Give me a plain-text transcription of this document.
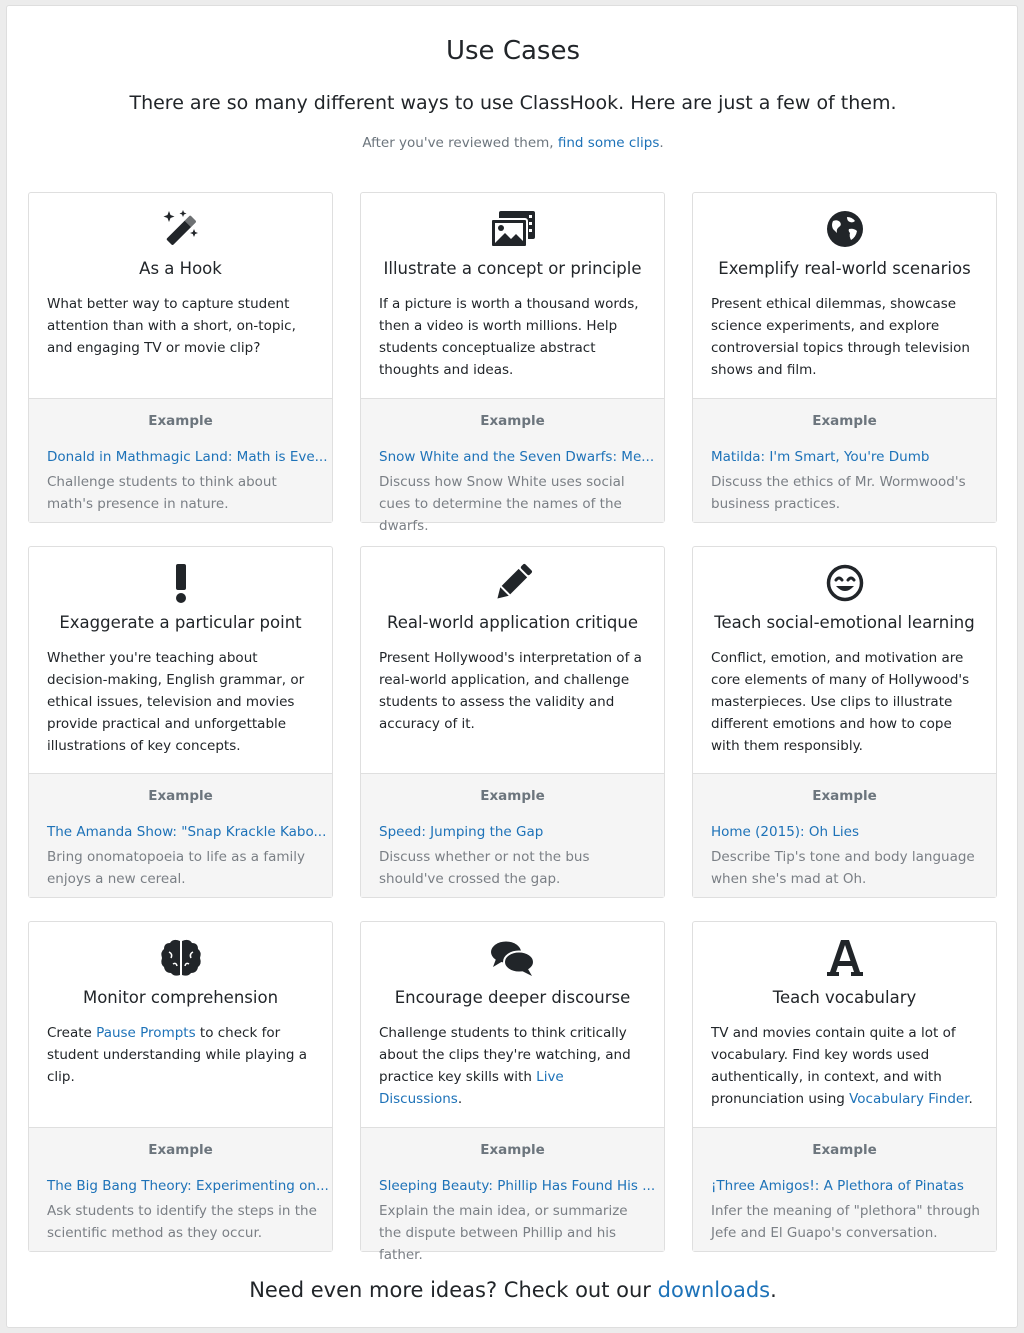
Use Cases
There are so many different ways to use ClassHook. Here are just a few of them.
After you've reviewed them, find some clips.
As a Hook
What better way to capture student attention than with a short, on-topic, and engaging TV or movie clip?
Example
Donald in Mathmagic Land: Math is Eve...
Challenge students to think about math's presence in nature.
Illustrate a concept or principle
If a picture is worth a thousand words, then a video is worth millions. Help students conceptualize abstract thoughts and ideas.
Example
Snow White and the Seven Dwarfs: Me...
Discuss how Snow White uses social cues to determine the names of the dwarfs.
Exemplify real-world scenarios
Present ethical dilemmas, showcase science experiments, and explore controversial topics through television shows and film.
Example
Matilda: I'm Smart, You're Dumb
Discuss the ethics of Mr. Wormwood's business practices.
Exaggerate a particular point
Whether you're teaching about decision-making, English grammar, or ethical issues, television and movies provide practical and unforgettable illustrations of key concepts.
Example
The Amanda Show: "Snap Krackle Kabo...
Bring onomatopoeia to life as a family enjoys a new cereal.
Real-world application critique
Present Hollywood's interpretation of a real-world application, and challenge students to assess the validity and accuracy of it.
Example
Speed: Jumping the Gap
Discuss whether or not the bus should've crossed the gap.
Teach social-emotional learning
Conflict, emotion, and motivation are core elements of many of Hollywood's masterpieces. Use clips to illustrate different emotions and how to cope with them responsibly.
Example
Home (2015): Oh Lies
Describe Tip's tone and body language when she's mad at Oh.
Monitor comprehension
Create Pause Prompts to check for student understanding while playing a clip.
Example
The Big Bang Theory: Experimenting on...
Ask students to identify the steps in the scientific method as they occur.
Encourage deeper discourse
Challenge students to think critically about the clips they're watching, and practice key skills with Live Discussions.
Example
Sleeping Beauty: Phillip Has Found His ...
Explain the main idea, or summarize the dispute between Phillip and his father.
Teach vocabulary
TV and movies contain quite a lot of vocabulary. Find key words used authentically, in context, and with pronunciation using Vocabulary Finder.
Example
¡Three Amigos!: A Plethora of Pinatas
Infer the meaning of "plethora" through Jefe and El Guapo's conversation.
Need even more ideas? Check out our downloads.
